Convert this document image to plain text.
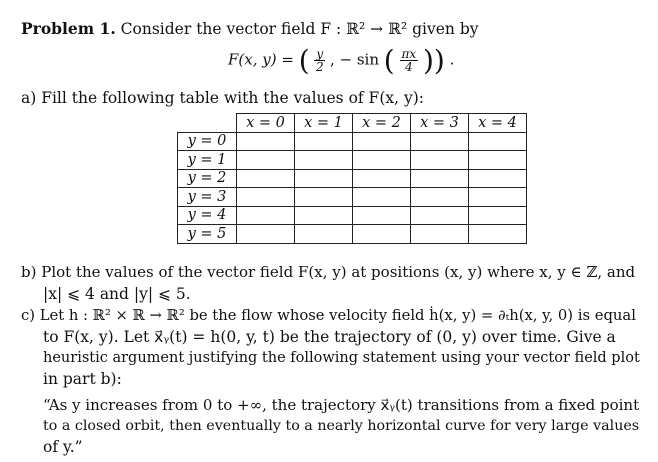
Problem 1. Consider the vector field F : ℝ² → ℝ² given by
F(x, y) = ( $\frac{y}{2}$ , − sin ( $\frac{\pi x}{4}$ )) .
a) Fill the following table with the values of F(x, y):
	x = 0	x = 1	x = 2	x = 3	x = 4
y = 0					
y = 1					
y = 2					
y = 3					
y = 4					
y = 5					
b) Plot the values of the vector field F(x, y) at positions (x, y) where x, y ∈ ℤ, and
|x| ⩽ 4 and |y| ⩽ 5.
c) Let h : ℝ² × ℝ → ℝ² be the flow whose velocity field ḣ(x, y) = ∂ₜh(x, y, 0) is equal
to F(x, y). Let x⃗ᵧ(t) = h(0, y, t) be the trajectory of (0, y) over time. Give a
heuristic argument justifying the following statement using your vector field plot
in part b):
“As y increases from 0 to +∞, the trajectory x⃗ᵧ(t) transitions from a fixed point
to a closed orbit, then eventually to a nearly horizontal curve for very large values
of y.”
